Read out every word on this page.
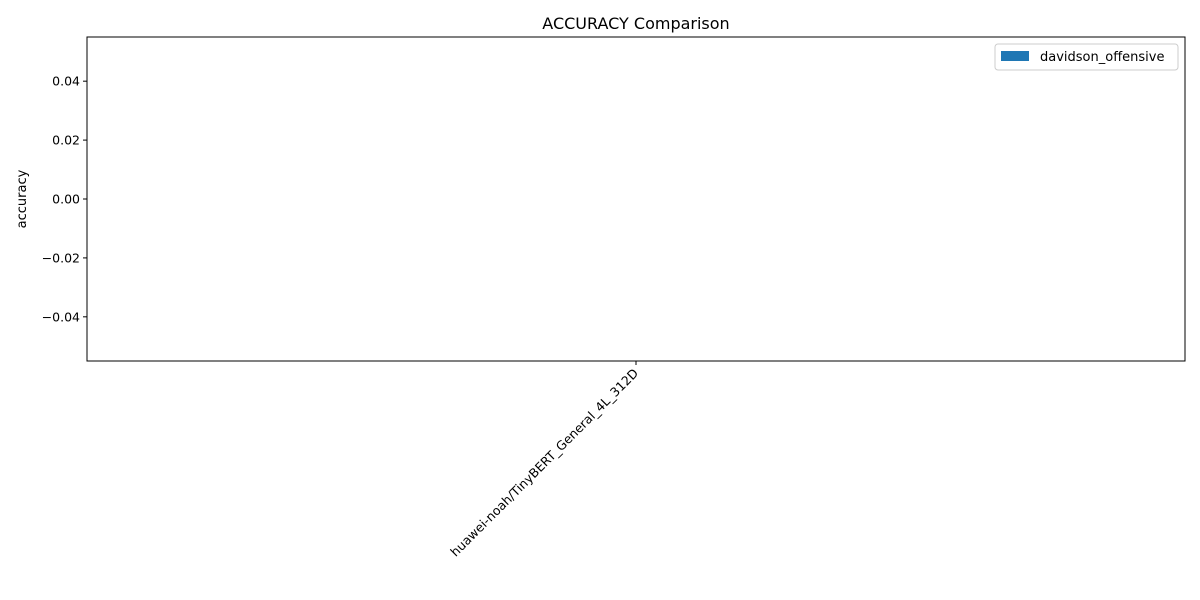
ACCURACY Comparison
0.04
0.02
0.00
−0.02
−0.04
huawei-noah/TinyBERT_General_4L_312D
accuracy
davidson_offensive
